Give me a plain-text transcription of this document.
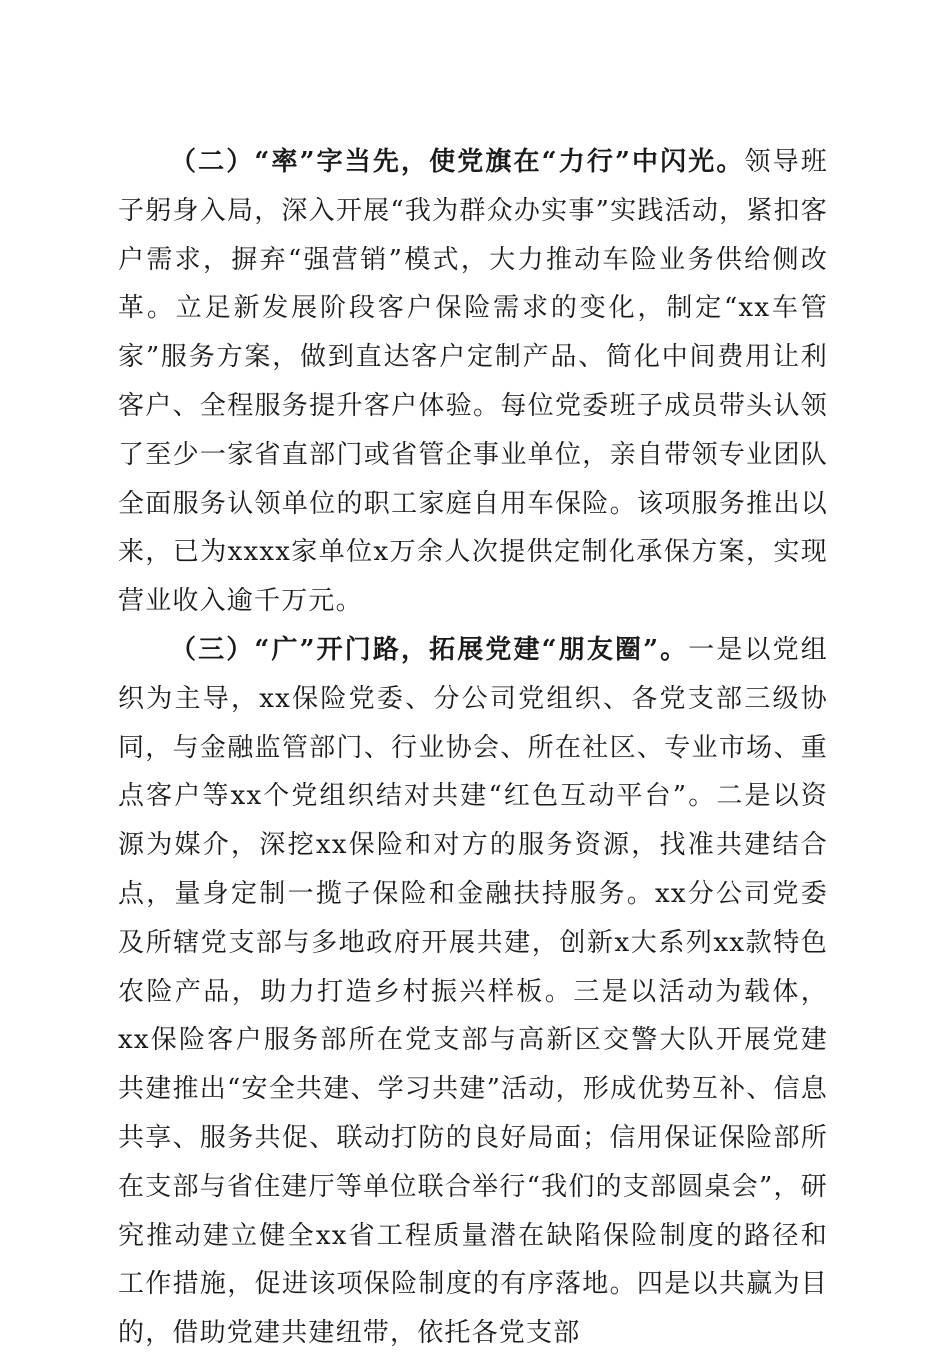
（二）“率”字当先，使党旗在“力行”中闪光。领导班子躬身入局，深入开展“我为群众办实事”实践活动，紧扣客户需求，摒弃“强营销”模式，大力推动车险业务供给侧改革。立足新发展阶段客户保险需求的变化，制定“xx车管家”服务方案，做到直达客户定制产品、简化中间费用让利客户、全程服务提升客户体验。每位党委班子成员带头认领了至少一家省直部门或省管企事业单位，亲自带领专业团队全面服务认领单位的职工家庭自用车保险。该项服务推出以来，已为xxxx家单位x万余人次提供定制化承保方案，实现营业收入逾千万元。

（三）“广”开门路，拓展党建“朋友圈”。一是以党组织为主导，xx保险党委、分公司党组织、各党支部三级协同，与金融监管部门、行业协会、所在社区、专业市场、重点客户等xx个党组织结对共建“红色互动平台”。二是以资源为媒介，深挖xx保险和对方的服务资源，找准共建结合点，量身定制一揽子保险和金融扶持服务。xx分公司党委及所辖党支部与多地政府开展共建，创新x大系列xx款特色农险产品，助力打造乡村振兴样板。三是以活动为载体，xx保险客户服务部所在党支部与高新区交警大队开展党建共建推出“安全共建、学习共建”活动，形成优势互补、信息共享、服务共促、联动打防的良好局面；信用保证保险部所在支部与省住建厅等单位联合举行“我们的支部圆桌会”，研究推动建立健全xx省工程质量潜在缺陷保险制度的路径和工作措施，促进该项保险制度的有序落地。四是以共赢为目的，借助党建共建纽带，依托各党支部
